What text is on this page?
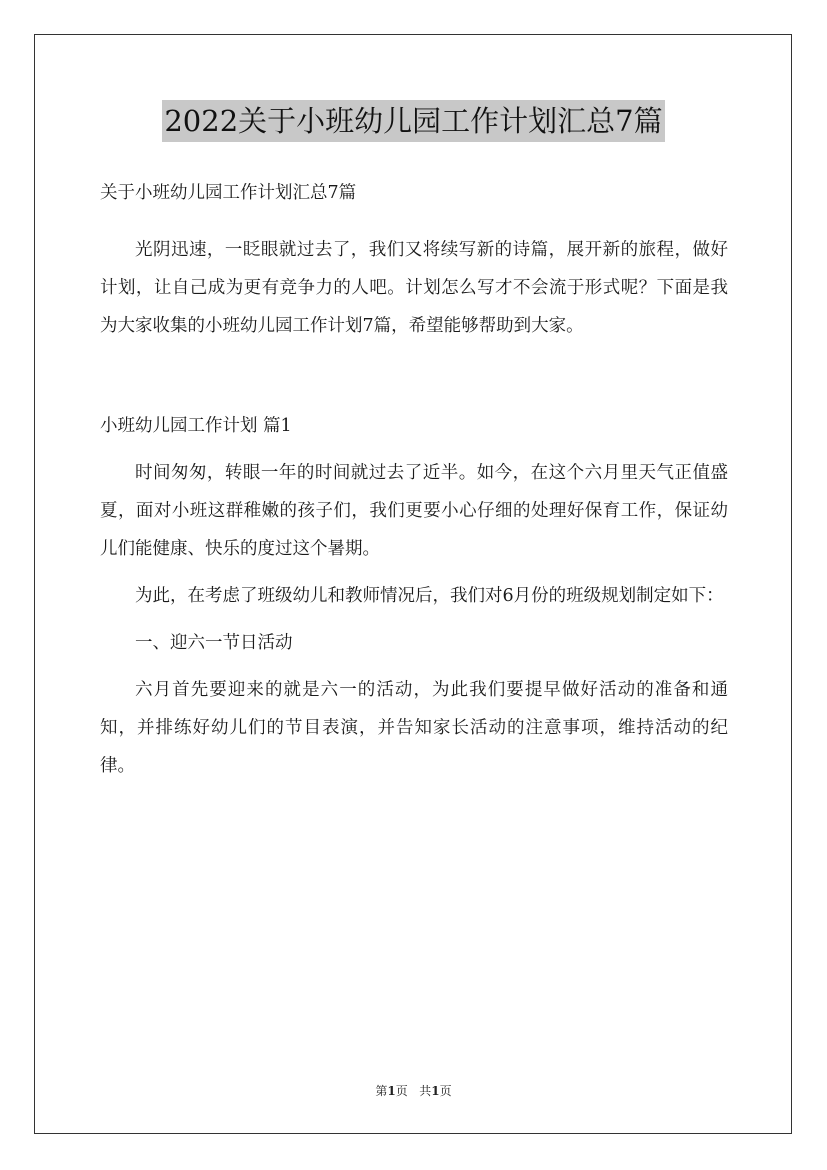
2022关于小班幼儿园工作计划汇总7篇

关于小班幼儿园工作计划汇总7篇

光阴迅速，一眨眼就过去了，我们又将续写新的诗篇，展开新的旅程，做好计划，让自己成为更有竞争力的人吧。计划怎么写才不会流于形式呢？下面是我为大家收集的小班幼儿园工作计划7篇，希望能够帮助到大家。

小班幼儿园工作计划 篇1

时间匆匆，转眼一年的时间就过去了近半。如今，在这个六月里天气正值盛夏，面对小班这群稚嫩的孩子们，我们更要小心仔细的处理好保育工作，保证幼儿们能健康、快乐的度过这个暑期。

为此，在考虑了班级幼儿和教师情况后，我们对6月份的班级规划制定如下：

一、迎六一节日活动

六月首先要迎来的就是六一的活动，为此我们要提早做好活动的准备和通知，并排练好幼儿们的节目表演，并告知家长活动的注意事项，维持活动的纪律。

第1页 共1页
